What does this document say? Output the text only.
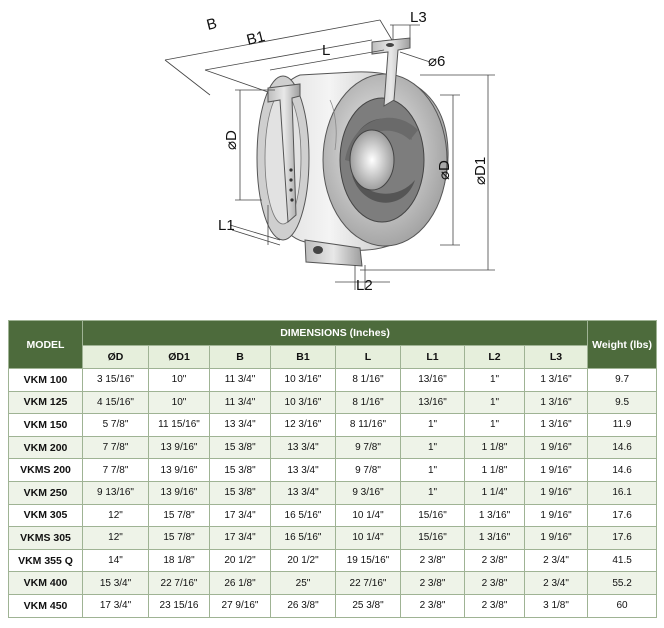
B
B1
L
L3
⌀6
⌀D
L1
⌀D ⌀D1
L2
MODEL	DIMENSIONS (Inches)								Weight (lbs)
	ØD	ØD1	B	B1	L	L1	L2	L3	
VKM 100	3 15/16"	10"	11 3/4"	10 3/16"	8 1/16"	13/16"	1"	1 3/16"	9.7
VKM 125	4 15/16"	10"	11 3/4"	10 3/16"	8 1/16"	13/16"	1"	1 3/16"	9.5
VKM 150	5 7/8"	11 15/16"	13 3/4"	12 3/16"	8 11/16"	1"	1"	1 3/16"	11.9
VKM 200	7 7/8"	13 9/16"	15 3/8"	13 3/4"	9 7/8"	1"	1 1/8"	1 9/16"	14.6
VKMS 200	7 7/8"	13 9/16"	15 3/8"	13 3/4"	9 7/8"	1"	1 1/8"	1 9/16"	14.6
VKM 250	9 13/16"	13 9/16"	15 3/8"	13 3/4"	9 3/16"	1"	1 1/4"	1 9/16"	16.1
VKM 305	12"	15 7/8"	17 3/4"	16 5/16"	10 1/4"	15/16"	1 3/16"	1 9/16"	17.6
VKMS 305	12"	15 7/8"	17 3/4"	16 5/16"	10 1/4"	15/16"	1 3/16"	1 9/16"	17.6
VKM 355 Q	14"	18 1/8"	20 1/2"	20 1/2"	19 15/16"	2 3/8"	2 3/8"	2 3/4"	41.5
VKM 400	15 3/4"	22 7/16"	26 1/8"	25"	22 7/16"	2 3/8"	2 3/8"	2 3/4"	55.2
VKM 450	17 3/4"	23 15/16	27 9/16"	26 3/8"	25 3/8"	2 3/8"	2 3/8"	3 1/8"	60
